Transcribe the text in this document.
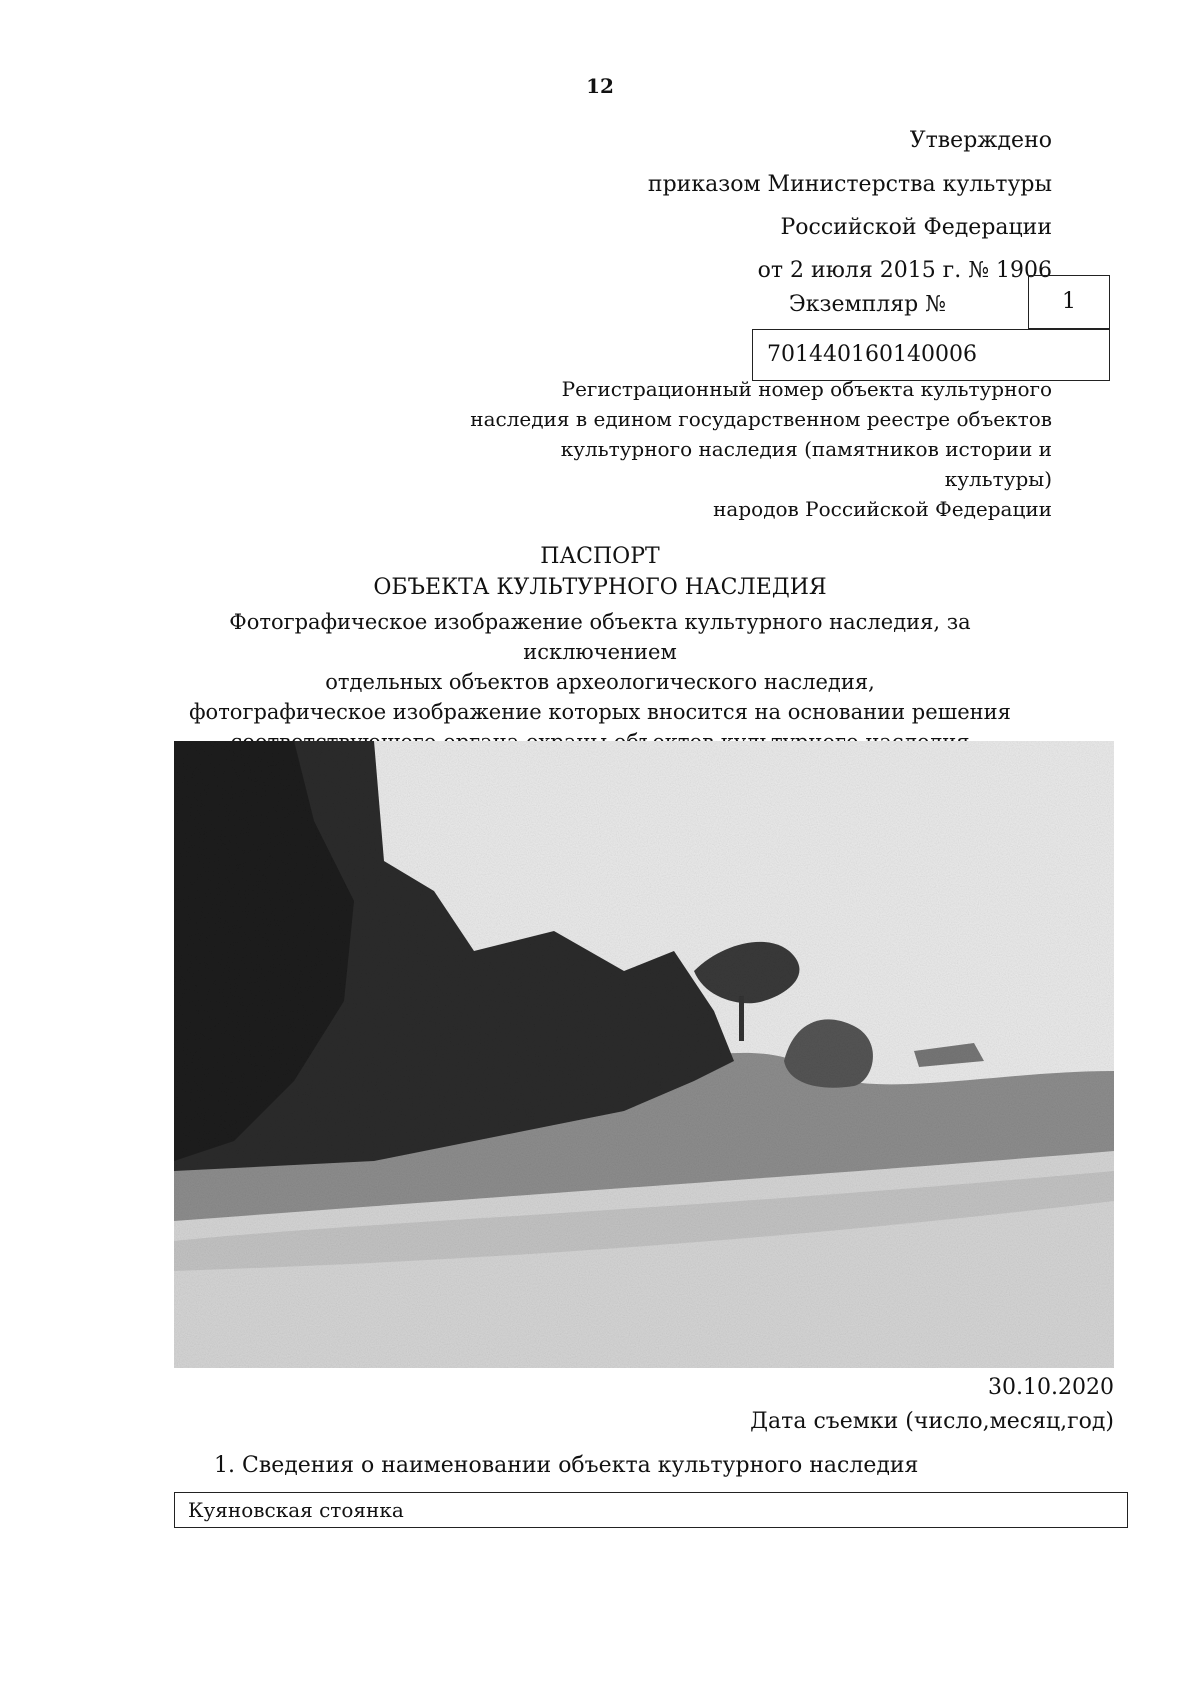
12
Утверждено
приказом Министерства культуры
Российской Федерации
от 2 июля 2015 г. № 1906
Экземпляр №	1
701440160140006
Регистрационный номер объекта культурного
наследия в едином государственном реестре объектов
культурного наследия (памятников истории и культуры)
народов Российской Федерации
ПАСПОРТ
ОБЪЕКТА КУЛЬТУРНОГО НАСЛЕДИЯ
Фотографическое изображение объекта культурного наследия, за исключением
отдельных объектов археологического наследия,
фотографическое изображение которых вносится на основании решения
30.10.2020
Дата съемки (число,месяц,год)
1. Сведения о наименовании объекта культурного наследия
Куяновская стоянка
